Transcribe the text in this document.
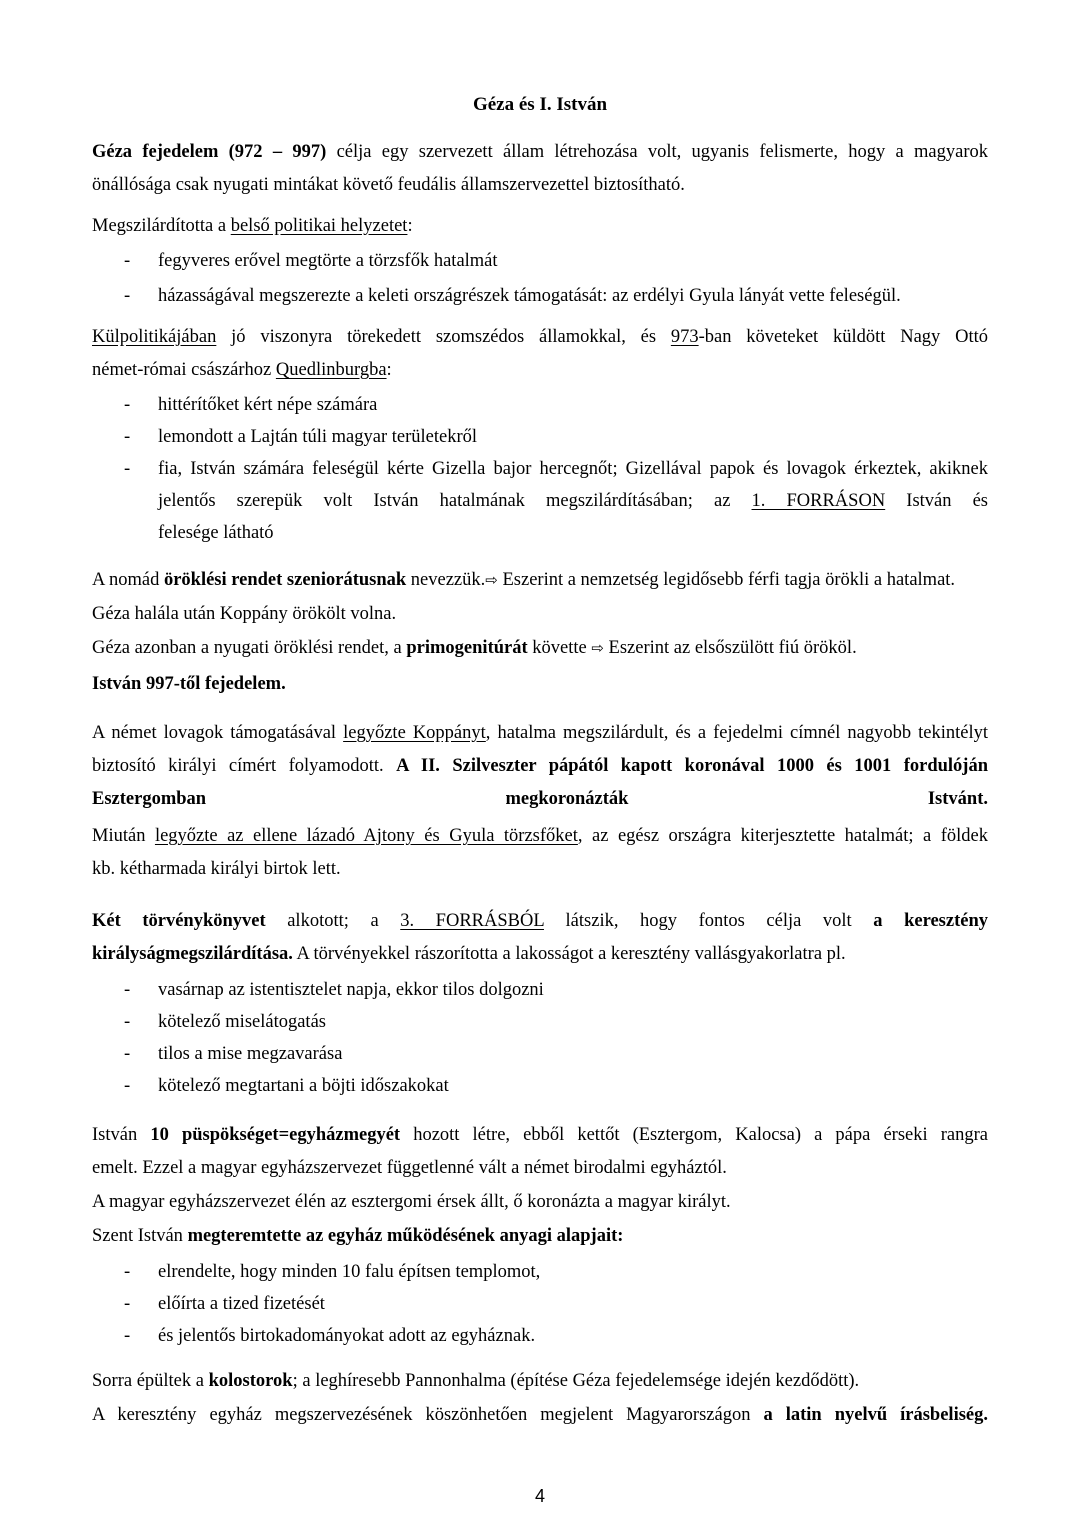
Géza és I. István
Géza fejedelem (972 – 997) célja egy szervezett állam létrehozása volt, ugyanis felismerte, hogy a magyarok
önállósága csak nyugati mintákat követő feudális államszervezettel biztosítható.
Megszilárdította a belső politikai helyzetet:
- fegyveres erővel megtörte a törzsfők hatalmát
- házasságával megszerezte a keleti országrészek támogatását: az erdélyi Gyula lányát vette feleségül.
Külpolitikájában jó viszonyra törekedett szomszédos államokkal, és 973-ban követeket küldött Nagy Ottó
német-római császárhoz Quedlinburgba:
- hittérítőket kért népe számára
- lemondott a Lajtán túli magyar területekről
- fia, István számára feleségül kérte Gizella bajor hercegnőt; Gizellával papok és lovagok érkeztek, akiknek jelentős szerepük volt István hatalmának megszilárdításában; az 1. FORRÁSON István és
felesége látható
A nomád öröklési rendet szeniorátusnak nevezzük.⇨ Eszerint a nemzetség legidősebb férfi tagja örökli a hatalmat.
Géza halála után Koppány örökölt volna.
Géza azonban a nyugati öröklési rendet, a primogenitúrát követte ⇨ Eszerint az elsőszülött fiú örököl.
István 997-től fejedelem.
A német lovagok támogatásával legyőzte Koppányt, hatalma megszilárdult, és a fejedelmi címnél nagyobb tekintélyt biztosító királyi címért folyamodott. A II. Szilveszter pápától kapott koronával 1000 és 1001 fordulóján Esztergomban megkoronázták Istvánt.
Miután legyőzte az ellene lázadó Ajtony és Gyula törzsfőket, az egész országra kiterjesztette hatalmát; a földek
kb. kétharmada királyi birtok lett.
Két törvénykönyvet alkotott; a 3. FORRÁSBÓL látszik, hogy fontos célja volt a keresztény királyságmegszilárdítása. A törvényekkel rászorította a lakosságot a keresztény vallásgyakorlatra pl.
- vasárnap az istentisztelet napja, ekkor tilos dolgozni
- kötelező miselátogatás
- tilos a mise megzavarása
- kötelező megtartani a böjti időszakokat
István 10 püspökséget=egyházmegyét hozott létre, ebből kettőt (Esztergom, Kalocsa) a pápa érseki rangra
emelt. Ezzel a magyar egyházszervezet függetlenné vált a német birodalmi egyháztól.
A magyar egyházszervezet élén az esztergomi érsek állt, ő koronázta a magyar királyt.
Szent István megteremtette az egyház működésének anyagi alapjait:
- elrendelte, hogy minden 10 falu építsen templomot,
- előírta a tized fizetését
- és jelentős birtokadományokat adott az egyháznak.
Sorra épültek a kolostorok; a leghíresebb Pannonhalma (építése Géza fejedelemsége idején kezdődött).
A keresztény egyház megszervezésének köszönhetően megjelent Magyarországon a latin nyelvű írásbeliség.
4
